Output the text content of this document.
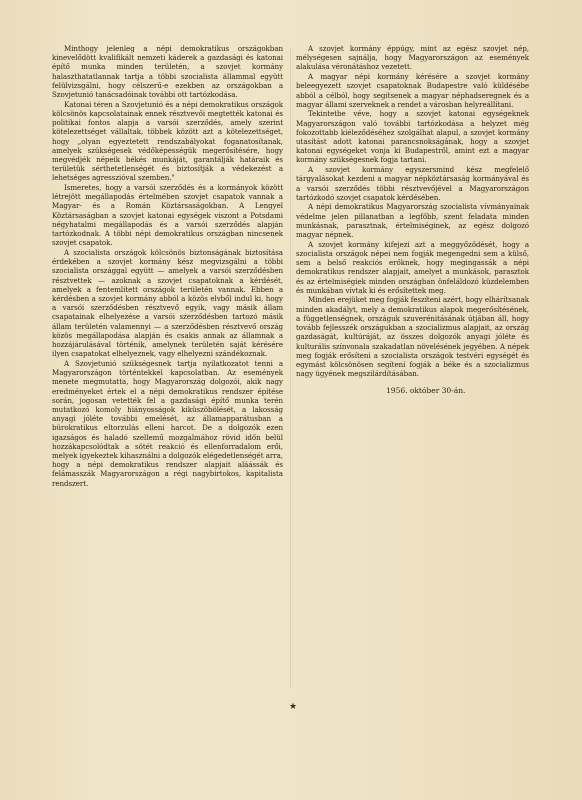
Minthogy jelenleg a népi demokratikus országokban kinevelődött kvalifikált nemzeti káderek a gazdasági és katonai építő munka minden területén, a szovjet kormány halaszthatatlannak tartja a többi szocialista állammal együtt felülvizsgálni, hogy célszerű-e ezekben az országokban a Szovjetunió tanácsadóinak további ott tartózkodása.

Katonai téren a Szovjetunió és a népi demokratikus országok kölcsönös kapcsolatainak ennek résztvevői megtették katonai és politikai fontos alapja a varsói szerződés, amely szerint kötelezettséget vállaltak, többek között azt a kötelezettséget, hogy „olyan egyeztetett rendszabályokat foganatosítanak, amelyek szükségesek védőképességük megerősítésére, hogy megvédjék népeik békés munkáját, garantálják határaik és területük sérthetetlenségét és biztosítják a védekezést a lehetséges agresszióval szemben."

Ismeretes, hogy a varsói szerződés és a kormányok között létrejött megállapodás értelmében szovjet csapatok vannak a Magyar- és a Román Köztársaságokban. A Lengyel Köztársaságban a szovjet katonai egységek viszont a Potsdami négyhatalmi megállapodás és a varsói szerződés alapján tartózkodnak. A többi népi demokratikus országban nincsenek szovjet csapatok.

A szocialista országok kölcsönös biztonságának biztosítása érdekében a szovjet kormány kész megvizsgálni a többi szocialista országgal együtt — amelyek a varsói szerződésben résztvettek — azoknak a szovjet csapatoknak a kérdését, amelyek a fentemlített országok területén vannak. Ebben a kérdésben a szovjet kormány abból a közös elvből indul ki, hogy a varsói szerződésben résztvevő egyik, vagy másik állam csapatainak elhelyezése a varsói szerződésben tartozó másik állam területén valamennyi — a szerződésben résztvevő ország közös megállapodása alapján és csakis annak az államnak a hozzájárulásával történik, amelynek területén saját kérésére ilyen csapatokat elhelyeznek, vagy elhelyezni szándékoznak.

A Szovjetunió szükségesnek tartja nyilatkozatot tenni a Magyarországon történtekkel kapcsolatban. Az események menete megmutatta, hogy Magyarország dolgozói, akik nagy eredményeket értek el a népi demokratikus rendszer építése során, jogosan vetették fel a gazdasági építő munka terén mutatkozó komoly hiányosságok kiküszöbölését, a lakosság anyagi jóléte további emelését, az államapparátusban a bürokratikus eltorzulás elleni harcot. De a dolgozók ezen igazságos és haladó szellemű mozgalmához rövid időn belül hozzákapcsolódtak a sötét reakció és ellenforradalom erői, melyek igyekeztek kihasználni a dolgozók elégedetlenségét arra, hogy a népi demokratikus rendszer alapjait aláássák és felámasszák Magyarországon a régi nagybirtokos, kapitalista rendszert.

A szovjet kormány éppúgy, mint az egész szovjet nép, mélységesen sajnálja, hogy Magyarországon az események alakulása véronátáshoz vezetett.

A magyar népi kormány kérésére a szovjet kormány beleegyezett szovjet csapatoknak Budapestre való küldésébe abból a célból, hogy segítsenek a magyar néphadseregnek és a magyar állami szerveknek a rendet a városban helyreállítani.

Tekintetbe véve, hogy a szovjet katonai egységeknek Magyarországon való további tartózkodása a helyzet még fokozottabb kiéleződéséhez szolgálhat alapul, a szovjet kormány utasítást adott katonai parancsnokságának, hogy a szovjet katonai egységeket vonja ki Budapestről, amint ezt a magyar kormány szükségesnek fogja tartani.

A szovjet kormány egyszersmind kész megfelelő tárgyalásokat kezdeni a magyar népköztársaság kormányával és a varsói szerződés többi résztvevőjével a Magyarországon tartózkodó szovjet csapatok kérdésében.

A népi demokratikus Magyarország szocialista vívmányainak védelme jelen pillanatban a legfőbb, szent feladata minden munkásnak, parasztnak, értelmiséginek, az egész dolgozó magyar népnek.

A szovjet kormány kifejezi azt a meggyőződését, hogy a szocialista országok népei nem fogják megengedni sem a külső, sem a belső reakciós erőknek, hogy megingassák a népi demokratikus rendszer alapjait, amelyet a munkások, parasztok és az értelmiségiek minden országban önfeláldozó küzdelemben és munkában vívtak ki és erősítettek meg.

Minden erejüket meg fogják feszíteni azért, hogy elhárítsanak minden akadályt, mely a demokratikus alapok megerősítésének, a függetlenségnek, országuk szuverénitásának útjában áll, hogy tovább fejlesszék országukban a szocializmus alapjait, az ország gazdaságát, kultúráját, az összes dolgozók anyagi jóléte és kulturális színvonala szakadatlan növelésének jegyében. A népek meg fogják erősíteni a szocialista országok testvéri egységét és egymást kölcsönösen segítení fogják a béke és a szocializmus nagy ügyének megszilárdításában.

1956. október 30-án.

★
